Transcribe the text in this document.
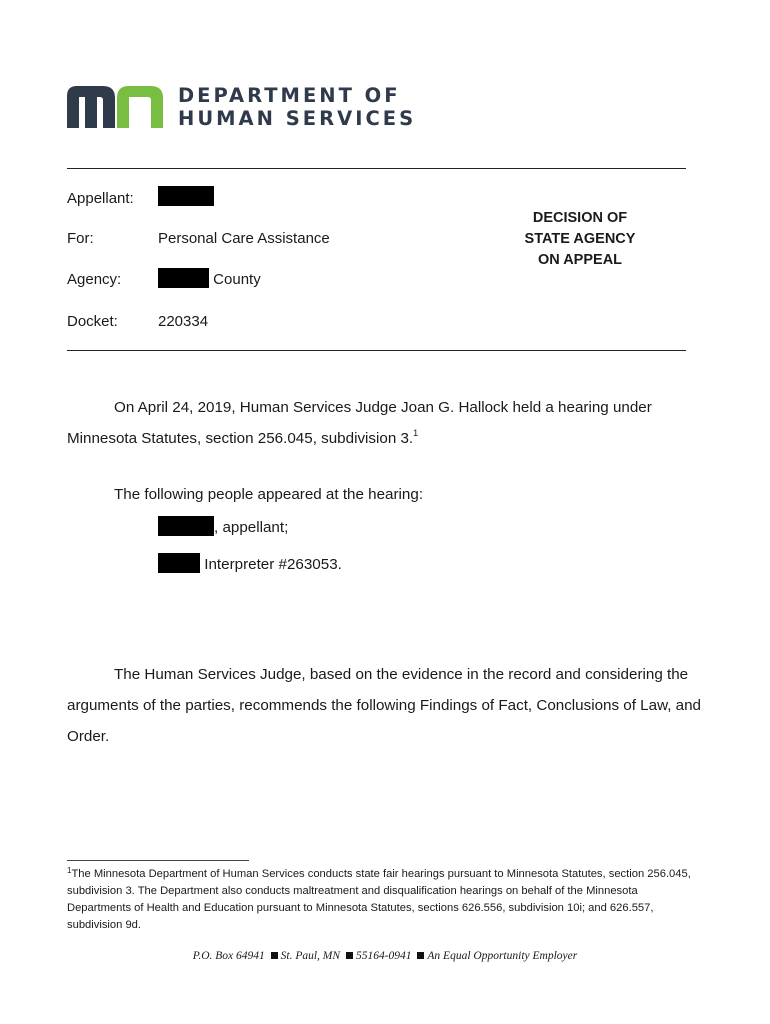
DEPARTMENT OF
HUMAN SERVICES
Appellant:
For:	Personal Care Assistance
Agency:	County
Docket:	220334
DECISION OF
STATE AGENCY
ON APPEAL
On April 24, 2019, Human Services Judge Joan G. Hallock held a hearing under
Minnesota Statutes, section 256.045, subdivision 3.$^1$
The following people appeared at the hearing:
, appellant;
Interpreter #263053.
The Human Services Judge, based on the evidence in the record and considering the
arguments of the parties, recommends the following Findings of Fact, Conclusions of Law, and
Order.
$^1$The Minnesota Department of Human Services conducts state fair hearings pursuant to Minnesota Statutes, section 256.045, subdivision 3. The Department also conducts maltreatment and disqualification hearings on behalf of the Minnesota Departments of Health and Education pursuant to Minnesota Statutes, sections 626.556, subdivision 10i; and 626.557, subdivision 9d.
P.O. Box 64941 St. Paul, MN 55164-0941 An Equal Opportunity Employer
